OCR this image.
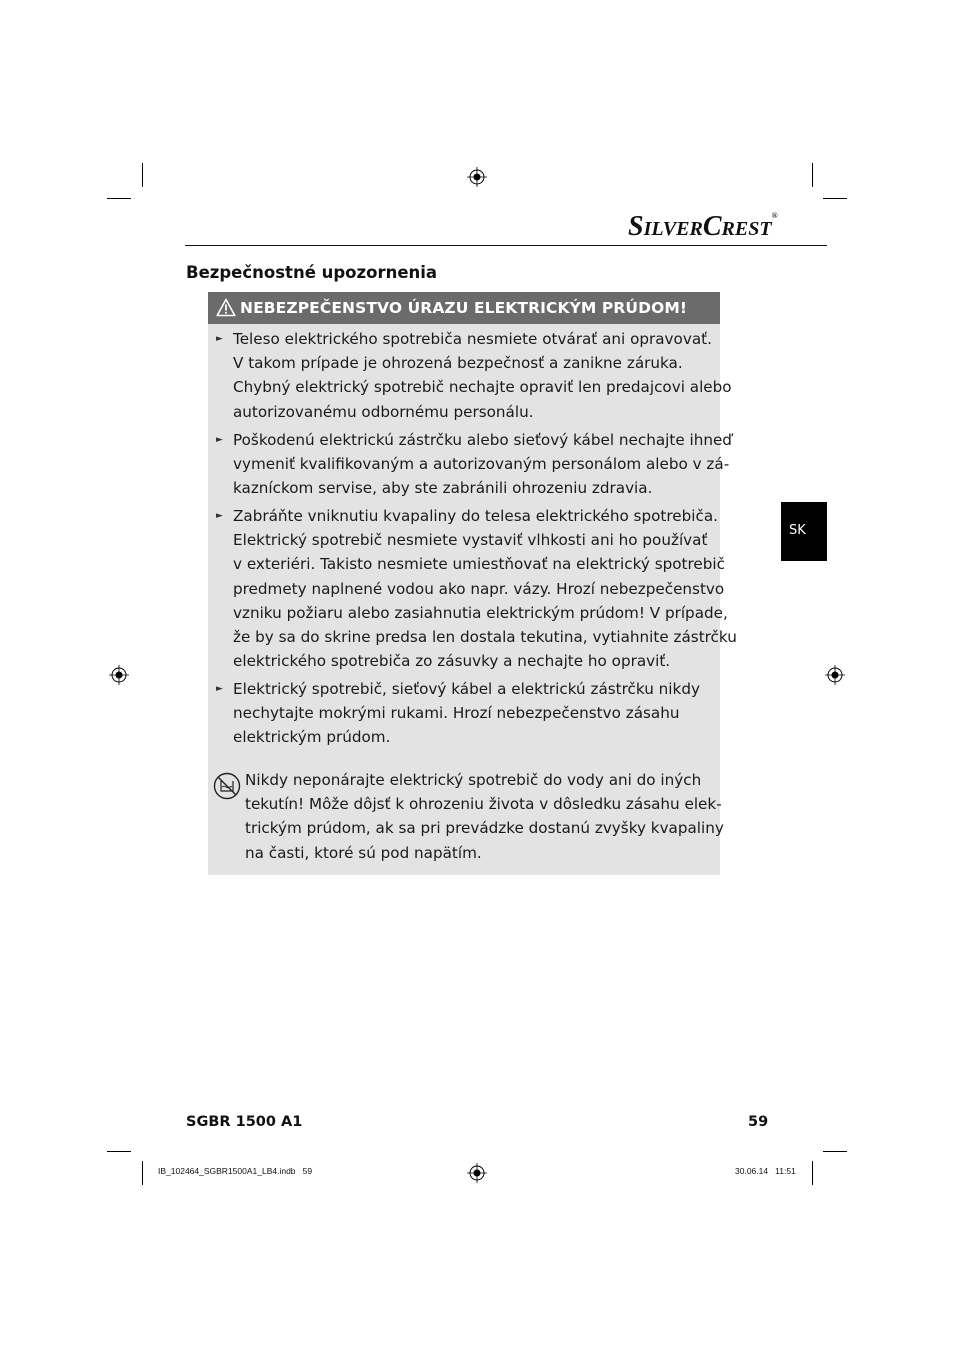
SILVERCREST®
Bezpečnostné upozornenia
NEBEZPEČENSTVO ÚRAZU ELEKTRICKÝM PRÚDOM!
► Teleso elektrického spotrebiča nesmiete otvárať ani opravovať.
V takom prípade je ohrozená bezpečnosť a zanikne záruka.
Chybný elektrický spotrebič nechajte opraviť len predajcovi alebo
autorizovanému odbornému personálu.
► Poškodenú elektrickú zástrčku alebo sieťový kábel nechajte ihneď
vymeniť kvalifikovaným a autorizovaným personálom alebo v zá-
kazníckom servise, aby ste zabránili ohrozeniu zdravia.
► Zabráňte vniknutiu kvapaliny do telesa elektrického spotrebiča.
Elektrický spotrebič nesmiete vystaviť vlhkosti ani ho používať
v exteriéri. Takisto nesmiete umiestňovať na elektrický spotrebič
predmety naplnené vodou ako napr. vázy. Hrozí nebezpečenstvo
vzniku požiaru alebo zasiahnutia elektrickým prúdom! V prípade,
že by sa do skrine predsa len dostala tekutina, vytiahnite zástrčku
elektrického spotrebiča zo zásuvky a nechajte ho opraviť.
► Elektrický spotrebič, sieťový kábel a elektrickú zástrčku nikdy
nechytajte mokrými rukami. Hrozí nebezpečenstvo zásahu
elektrickým prúdom.
Nikdy neponárajte elektrický spotrebič do vody ani do iných
tekutín! Môže dôjsť k ohrozeniu života v dôsledku zásahu elek-
trickým prúdom, ak sa pri prevádzke dostanú zvyšky kvapaliny
na časti, ktoré sú pod napätím.
SK
SGBR 1500 A1	59
IB_102464_SGBR1500A1_LB4.indb   59	30.06.14   11:51
